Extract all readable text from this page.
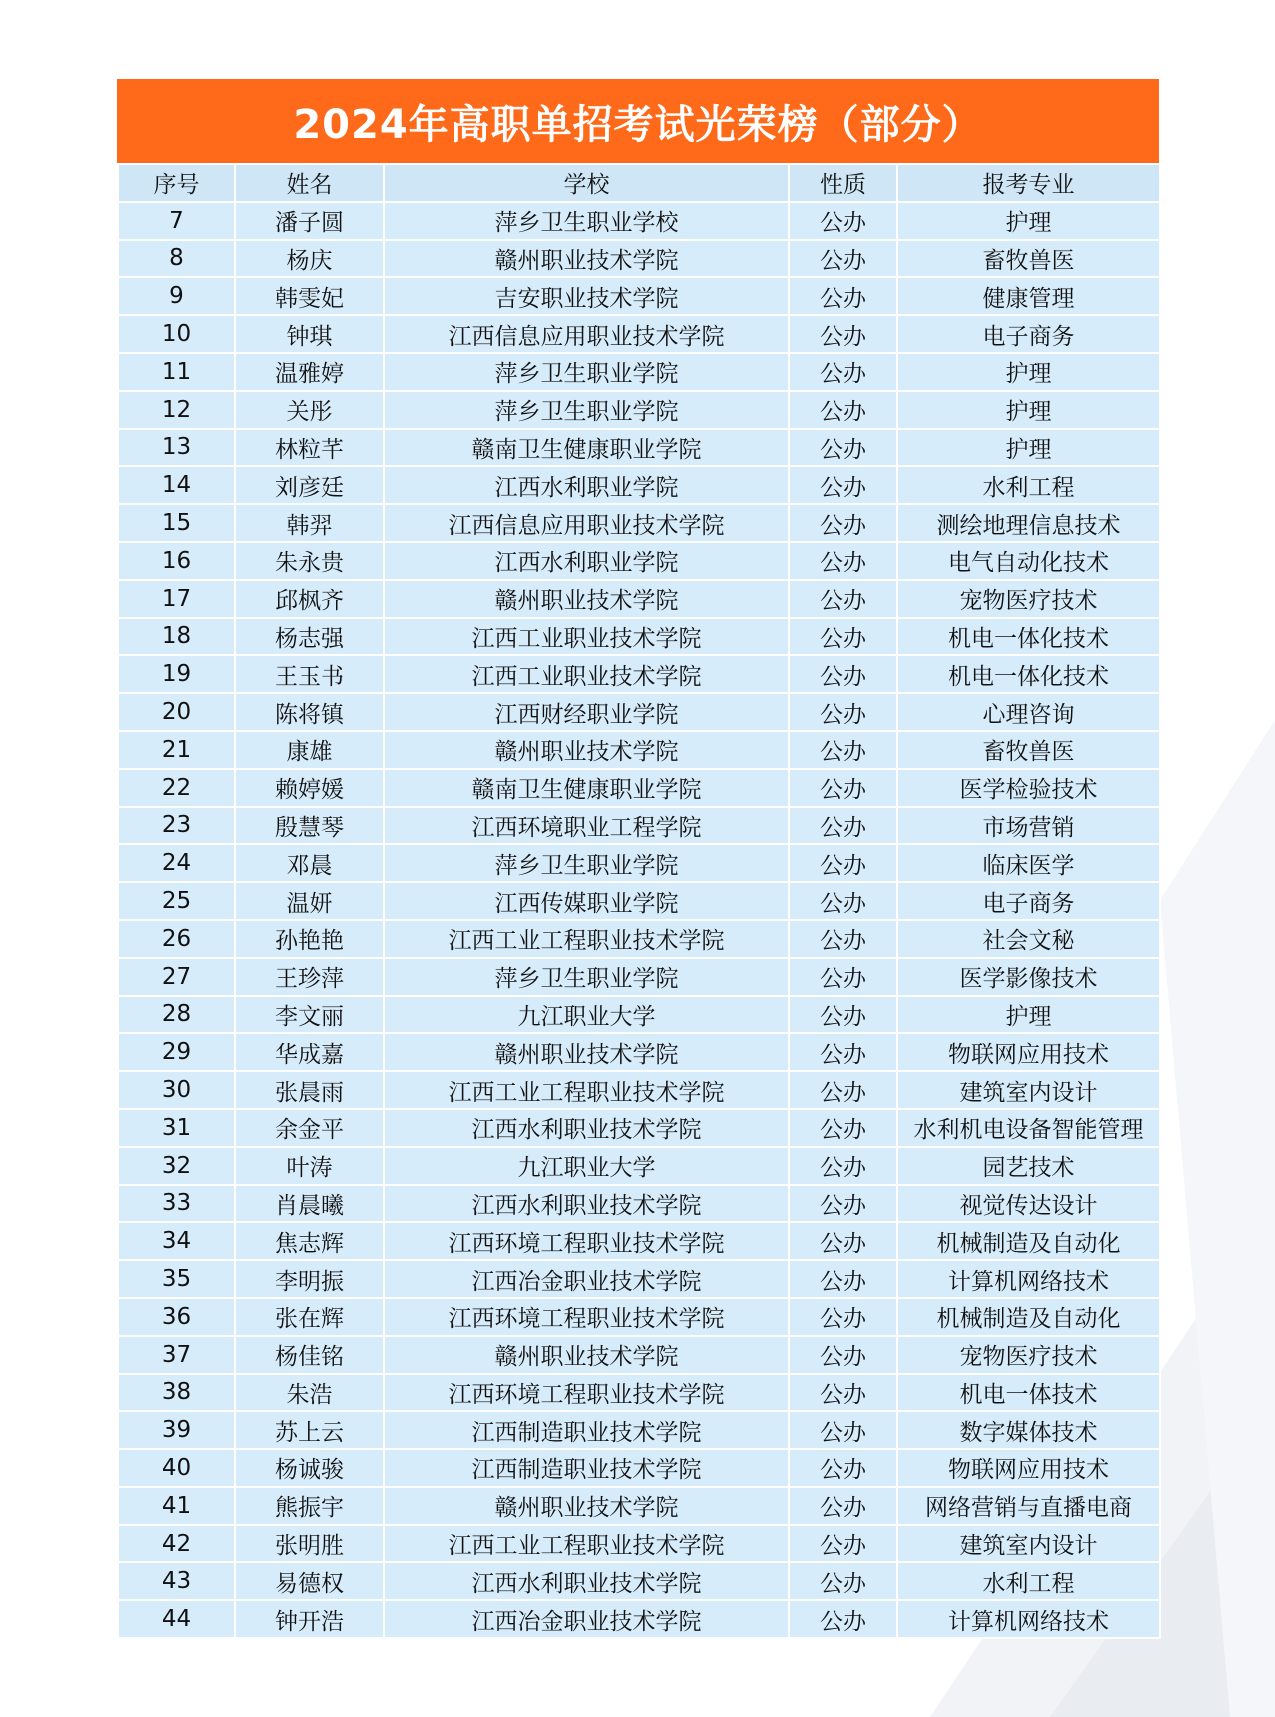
2024年高职单招考试光荣榜（部分）
序号	姓名	学校	性质	报考专业
7	潘子圆	萍乡卫生职业学校	公办	护理
8	杨庆	赣州职业技术学院	公办	畜牧兽医
9	韩雯妃	吉安职业技术学院	公办	健康管理
10	钟琪	江西信息应用职业技术学院	公办	电子商务
11	温雅婷	萍乡卫生职业学院	公办	护理
12	关彤	萍乡卫生职业学院	公办	护理
13	林粒芊	赣南卫生健康职业学院	公办	护理
14	刘彦廷	江西水利职业学院	公办	水利工程
15	韩羿	江西信息应用职业技术学院	公办	测绘地理信息技术
16	朱永贵	江西水利职业学院	公办	电气自动化技术
17	邱枫齐	赣州职业技术学院	公办	宠物医疗技术
18	杨志强	江西工业职业技术学院	公办	机电一体化技术
19	王玉书	江西工业职业技术学院	公办	机电一体化技术
20	陈将镇	江西财经职业学院	公办	心理咨询
21	康雄	赣州职业技术学院	公办	畜牧兽医
22	赖婷媛	赣南卫生健康职业学院	公办	医学检验技术
23	殷慧琴	江西环境职业工程学院	公办	市场营销
24	邓晨	萍乡卫生职业学院	公办	临床医学
25	温妍	江西传媒职业学院	公办	电子商务
26	孙艳艳	江西工业工程职业技术学院	公办	社会文秘
27	王珍萍	萍乡卫生职业学院	公办	医学影像技术
28	李文丽	九江职业大学	公办	护理
29	华成嘉	赣州职业技术学院	公办	物联网应用技术
30	张晨雨	江西工业工程职业技术学院	公办	建筑室内设计
31	余金平	江西水利职业技术学院	公办	水利机电设备智能管理
32	叶涛	九江职业大学	公办	园艺技术
33	肖晨曦	江西水利职业技术学院	公办	视觉传达设计
34	焦志辉	江西环境工程职业技术学院	公办	机械制造及自动化
35	李明振	江西冶金职业技术学院	公办	计算机网络技术
36	张在辉	江西环境工程职业技术学院	公办	机械制造及自动化
37	杨佳铭	赣州职业技术学院	公办	宠物医疗技术
38	朱浩	江西环境工程职业技术学院	公办	机电一体技术
39	苏上云	江西制造职业技术学院	公办	数字媒体技术
40	杨诚骏	江西制造职业技术学院	公办	物联网应用技术
41	熊振宇	赣州职业技术学院	公办	网络营销与直播电商
42	张明胜	江西工业工程职业技术学院	公办	建筑室内设计
43	易德权	江西水利职业技术学院	公办	水利工程
44	钟开浩	江西冶金职业技术学院	公办	计算机网络技术
